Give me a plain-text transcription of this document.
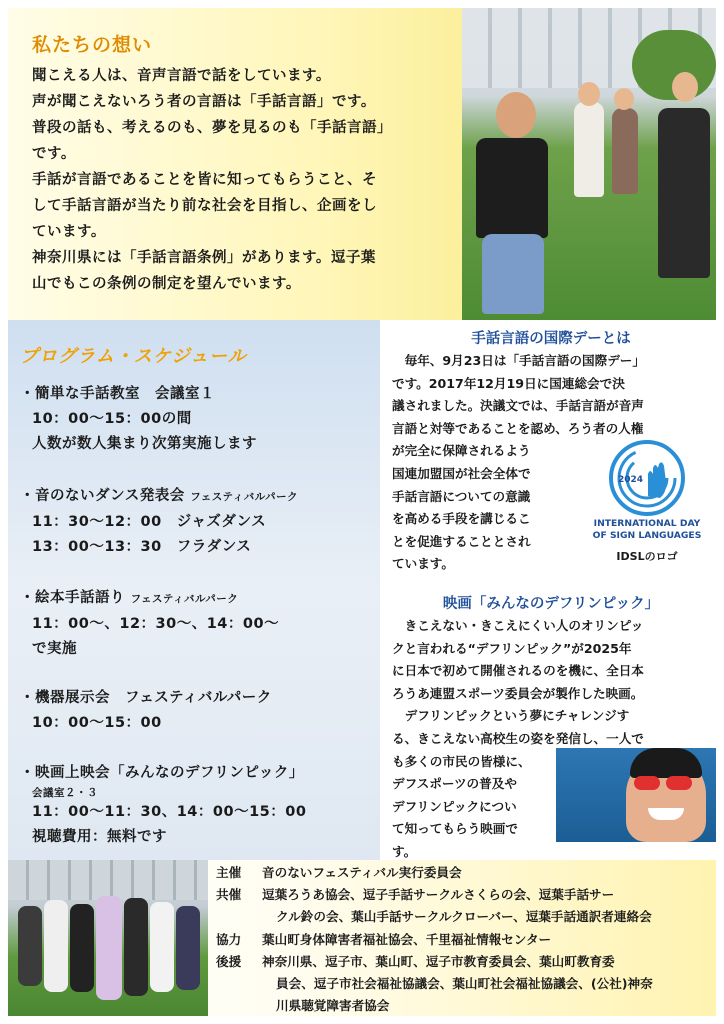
私たちの想い

聞こえる人は、音声言語で話をしています。

声が聞こえないろう者の言語は「手話言語」です。

普段の話も、考えるのも、夢を見るのも「手話言語」

です。

手話が言語であることを皆に知ってもらうこと、そ

して手話言語が当たり前な社会を目指し、企画をし

ています。

神奈川県には「手話言語条例」があります。逗子葉

山でもこの条例の制定を望んでいます。

プログラム・スケジュール
・簡単な手話教室　会議室１
10：00〜15：00の間
人数が数人集まり次第実施します
・音のないダンス発表会 フェスティバルパーク
11：30〜12：00　ジャズダンス
13：00〜13：30　フラダンス
・絵本手話語り フェスティバルパーク
11：00〜、12：30〜、14：00〜
で実施
・機器展示会　フェスティバルパーク
10：00〜15：00
・映画上映会「みんなのデフリンピック」
会議室２・３
11：00〜11：30、14：00〜15：00
視聴費用：無料です
手話言語の国際デーとは
　毎年、9月23日は「手話言語の国際デー」
です。2017年12月19日に国連総会で決
議されました。決議文では、手話言語が音声
言語と対等であることを認め、ろう者の人権
が完全に保障されるよう
国連加盟国が社会全体で
手話言語についての意識
を高める手段を講じるこ
とを促進することとされ
ています。
2024
INTERNATIONAL DAY
OF SIGN LANGUAGES
IDSLのロゴ
映画「みんなのデフリンピック」
　きこえない・きこえにくい人のオリンピッ
クと言われる“デフリンピック”が2025年
に日本で初めて開催されるのを機に、全日本
ろうあ連盟スポーツ委員会が製作した映画。
　デフリンピックという夢にチャレンジす
る、きこえない高校生の姿を発信し、一人で
も多くの市民の皆様に、
デフスポーツの普及や
デフリンピックについ
て知ってもらう映画で
す。
主催	音のないフェスティバル実行委員会
共催	逗葉ろうあ協会、逗子手話サークルさくらの会、逗葉手話サー
クル鈴の会、葉山手話サークルクローバー、逗葉手話通訳者連絡会
協力	葉山町身体障害者福祉協会、千里福祉情報センター
後援	神奈川県、逗子市、葉山町、逗子市教育委員会、葉山町教育委
員会、逗子市社会福祉協議会、葉山町社会福祉協議会、(公社)神奈
川県聴覚障害者協会
